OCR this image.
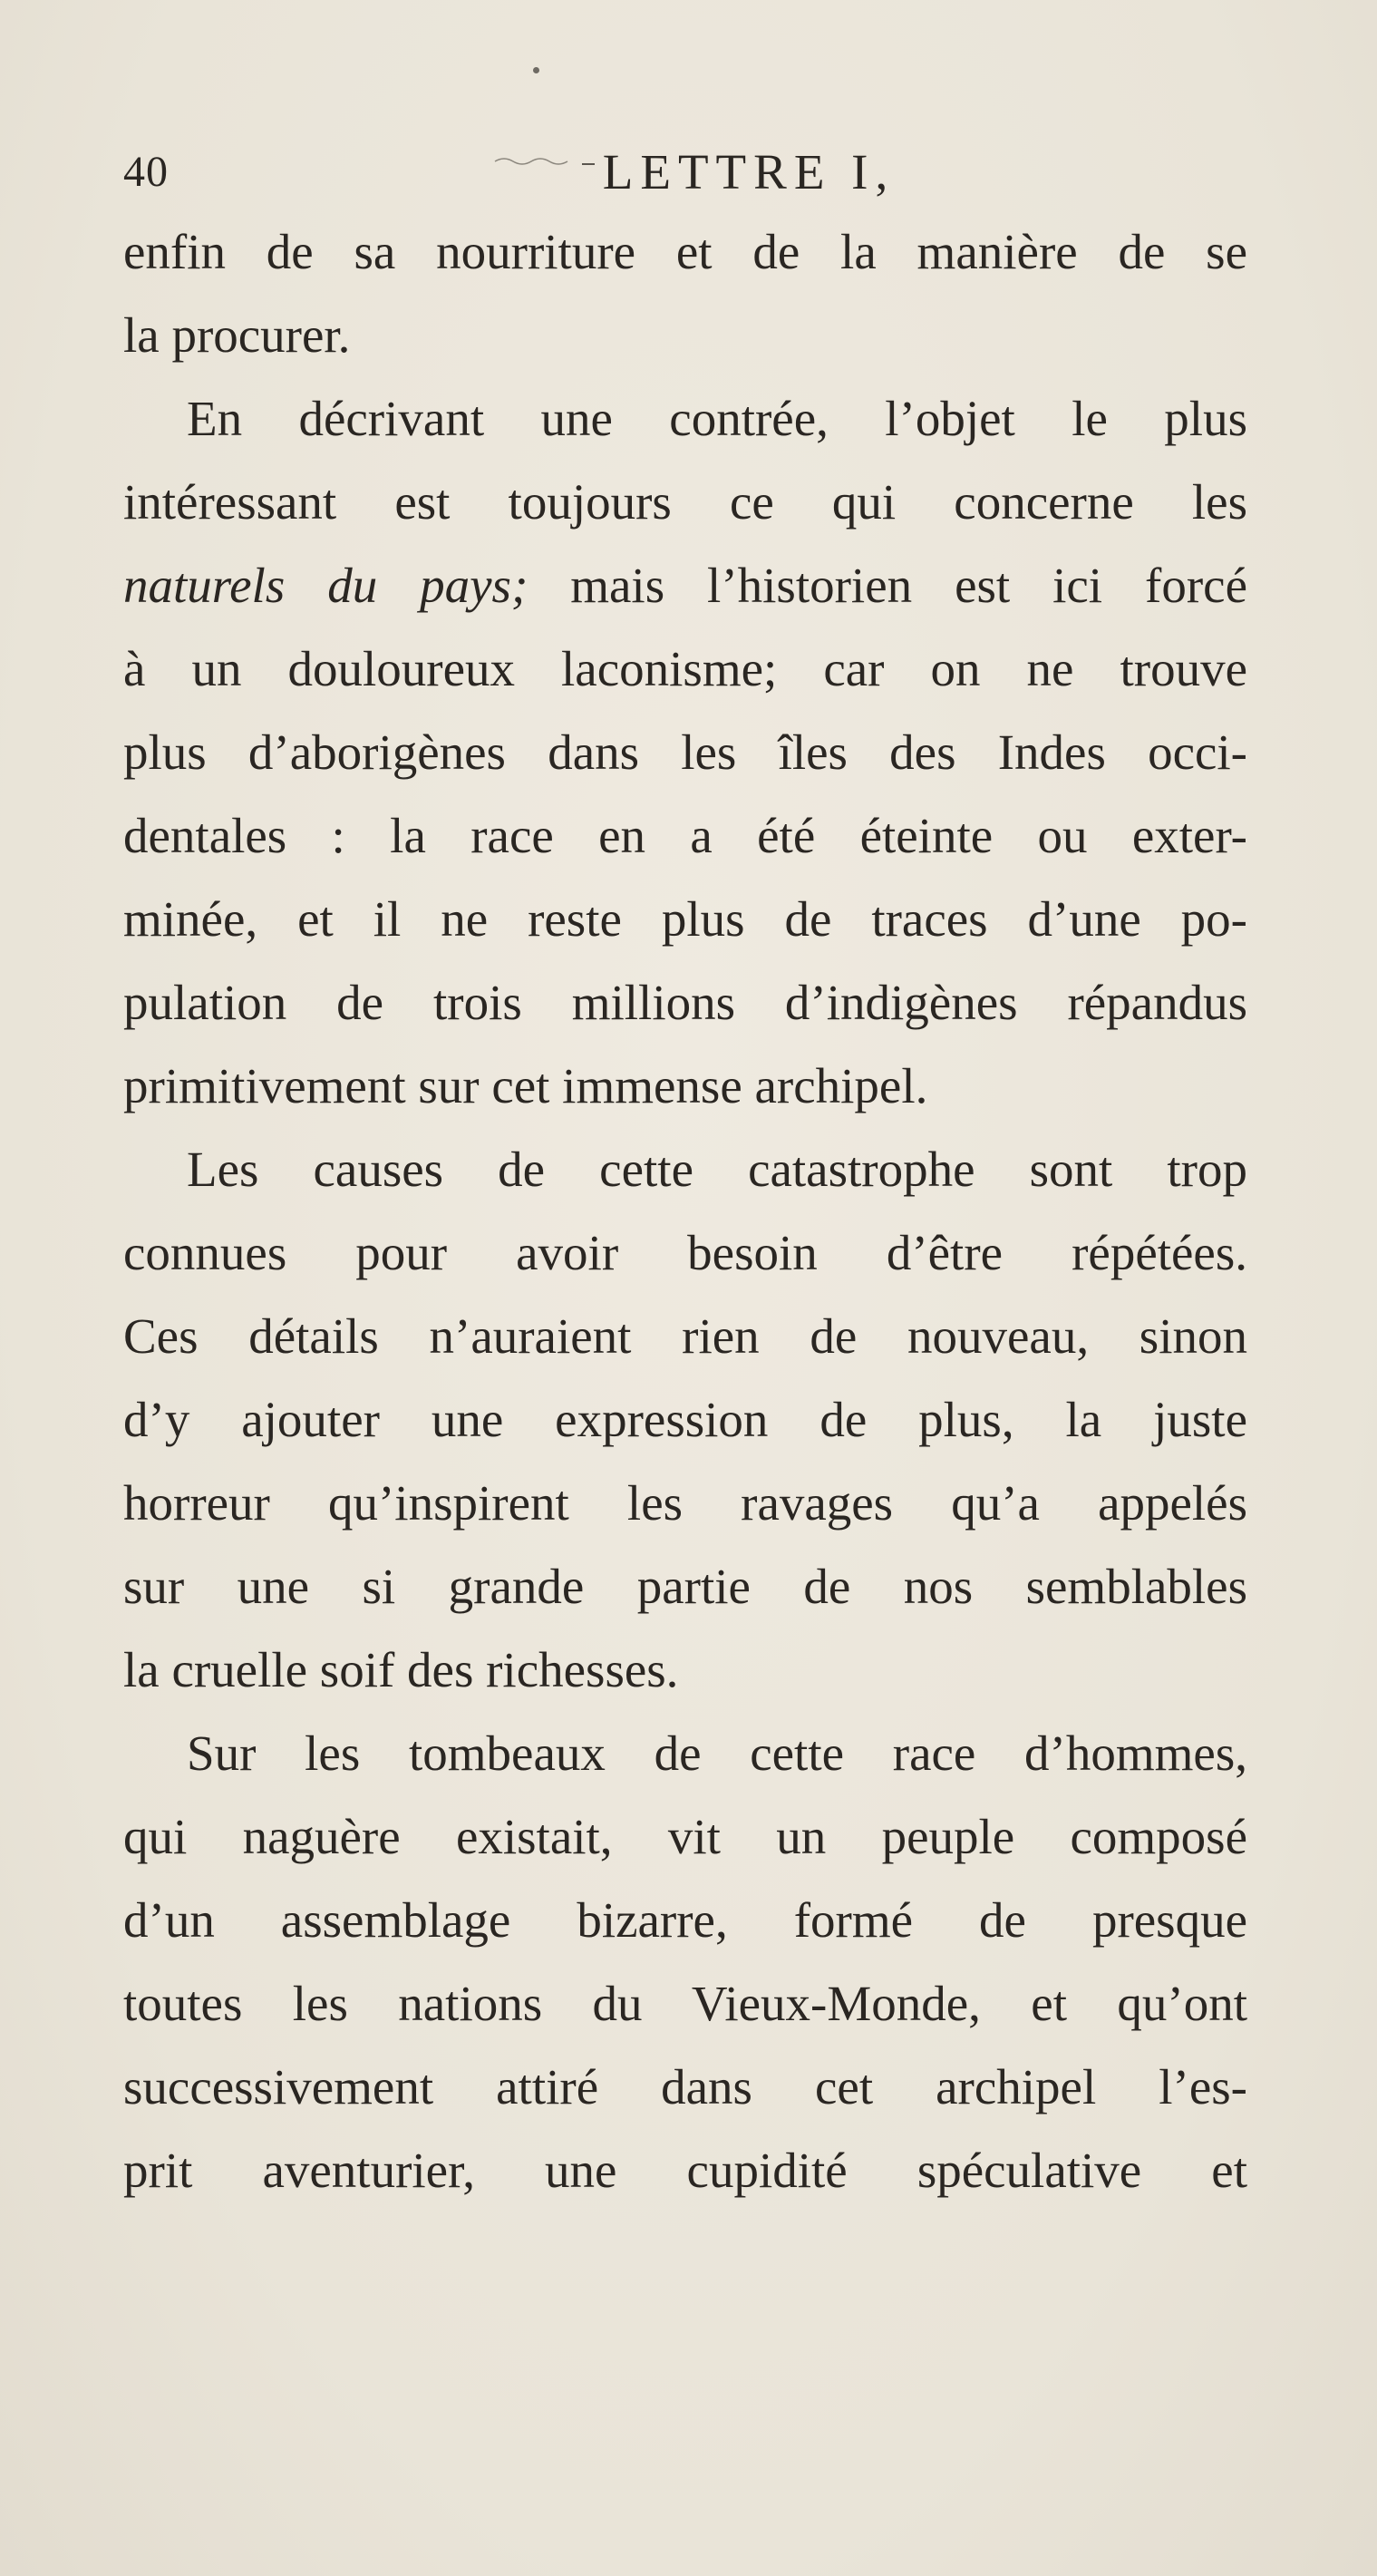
40	LETTRE I,
enfin de sa nourriture et de la manière de se
la procurer.
En décrivant une contrée, l’objet le plus
intéressant est toujours ce qui concerne les
naturels du pays; mais l’historien est ici forcé
à un douloureux laconisme; car on ne trouve
plus d’aborigènes dans les îles des Indes occi-
dentales : la race en a été éteinte ou exter-
minée, et il ne reste plus de traces d’une po-
pulation de trois millions d’indigènes répandus
primitivement sur cet immense archipel.
Les causes de cette catastrophe sont trop
connues pour avoir besoin d’être répétées.
Ces détails n’auraient rien de nouveau, sinon
d’y ajouter une expression de plus, la juste
horreur qu’inspirent les ravages qu’a appelés
sur une si grande partie de nos semblables
la cruelle soif des richesses.
Sur les tombeaux de cette race d’hommes,
qui naguère existait, vit un peuple composé
d’un assemblage bizarre, formé de presque
toutes les nations du Vieux-Monde, et qu’ont
successivement attiré dans cet archipel l’es-
prit aventurier, une cupidité spéculative et
